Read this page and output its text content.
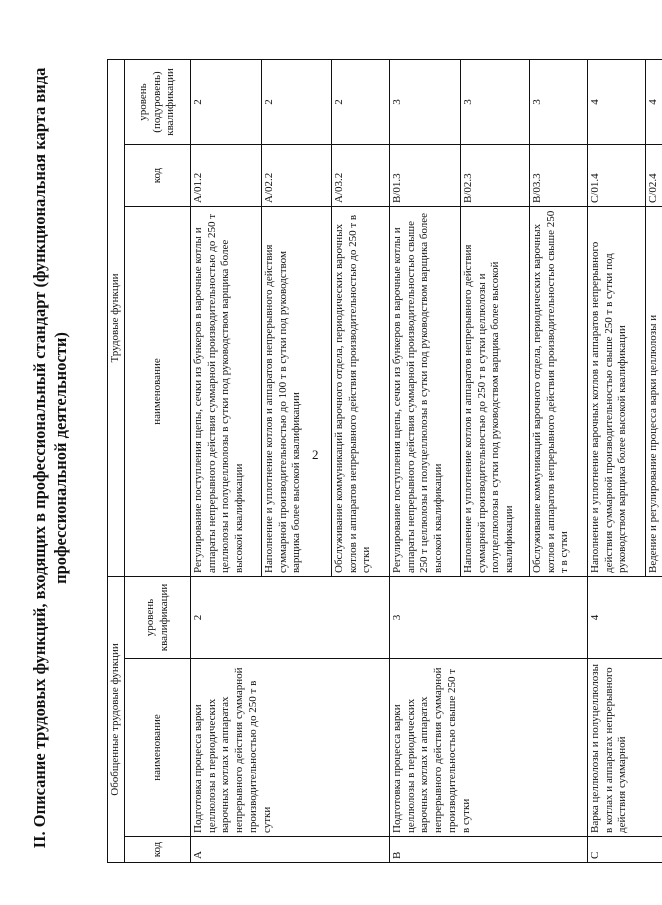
2
II. Описание трудовых функций, входящих в профессиональный стандарт (функциональная карта вида профессиональной деятельности)
Обобщенные трудовые функции			Трудовые функции		
код	наименование	уровень квалификации	наименование	код	уровень (подуровень) квалификации
A	Подготовка процесса варки целлюлозы в периодических варочных котлах и аппаратах непрерывного действия суммарной производительностью до 250 т в сутки	2	Регулирование поступления щепы, сечки из бункеров в варочные котлы и аппараты непрерывного действия суммарной производительностью до 250 т целлюлозы и полуцеллюлозы в сутки под руководством варщика более высокой квалификации	A/01.2	2
			Наполнение и уплотнение котлов и аппаратов непрерывного действия суммарной производительностью до 100 т в сутки под руководством варщика более высокой квалификации	A/02.2	2
			Обслуживание коммуникаций варочного отдела, периодических варочных котлов и аппаратов непрерывного действия производительностью до 250 т в сутки	A/03.2	2
B	Подготовка процесса варки целлюлозы в периодических варочных котлах и аппаратах непрерывного действия суммарной производительностью свыше 250 т в сутки	3	Регулирование поступления щепы, сечки из бункеров в варочные котлы и аппараты непрерывного действия суммарной производительностью свыше 250 т целлюлозы и полуцеллюлозы в сутки под руководством варщика более высокой квалификации	B/01.3	3
			Наполнение и уплотнение котлов и аппаратов непрерывного действия суммарной производительностью до 250 т в сутки целлюлозы и полуцеллюлозы в сутки под руководством варщика более высокой квалификации	B/02.3	3
			Обслуживание коммуникаций варочного отдела, периодических варочных котлов и аппаратов непрерывного действия производительностью свыше 250 т в сутки	B/03.3	3
C	Варка целлюлозы и полуцеллюлозы в котлах и аппаратах непрерывного действия суммарной	4	Наполнение и уплотнение варочных котлов и аппаратов непрерывного действия суммарной производительностью свыше 250 т в сутки под руководством варщика более высокой квалификации	C/01.4	4
			Ведение и регулирование процесса варки целлюлозы и	C/02.4	4
